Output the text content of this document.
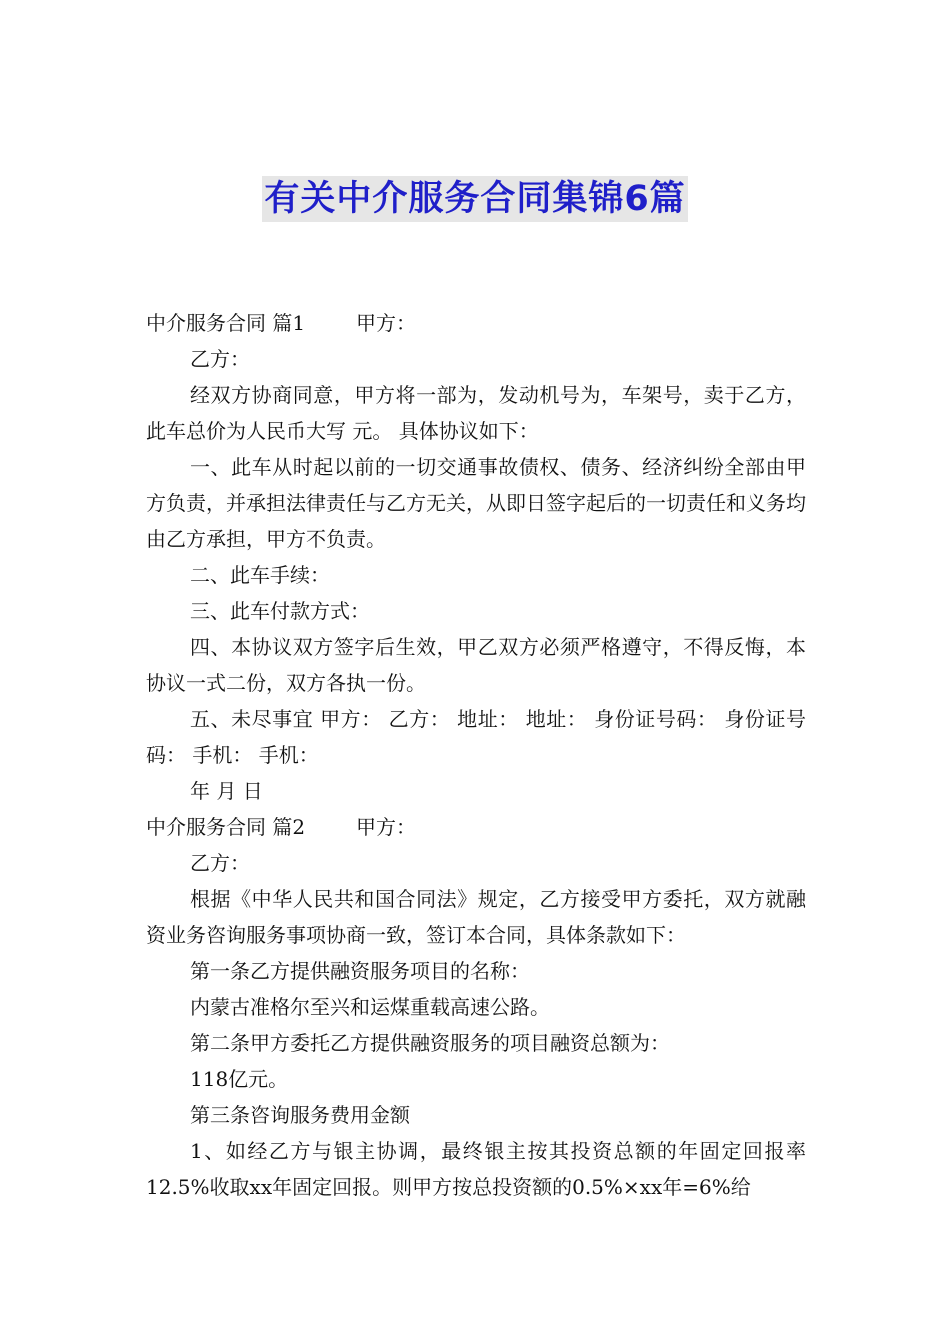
有关中介服务合同集锦6篇

中介服务合同 篇1	甲方：

乙方：

经双方协商同意，甲方将一部为，发动机号为，车架号，卖于乙方，此车总价为人民币大写 元。 具体协议如下：

一、此车从时起以前的一切交通事故债权、债务、经济纠纷全部由甲方负责，并承担法律责任与乙方无关，从即日签字起后的一切责任和义务均由乙方承担，甲方不负责。

二、此车手续：

三、此车付款方式：

四、本协议双方签字后生效，甲乙双方必须严格遵守，不得反悔，本协议一式二份，双方各执一份。

五、未尽事宜 甲方： 乙方： 地址： 地址： 身份证号码： 身份证号码： 手机： 手机：

年 月 日

中介服务合同 篇2	甲方：

乙方：

根据《中华人民共和国合同法》规定，乙方接受甲方委托，双方就融资业务咨询服务事项协商一致，签订本合同，具体条款如下：

第一条乙方提供融资服务项目的名称：

内蒙古准格尔至兴和运煤重载高速公路。

第二条甲方委托乙方提供融资服务的项目融资总额为：

118亿元。

第三条咨询服务费用金额

1、如经乙方与银主协调，最终银主按其投资总额的年固定回报率12.5%收取xx年固定回报。则甲方按总投资额的0.5%×xx年=6%给
